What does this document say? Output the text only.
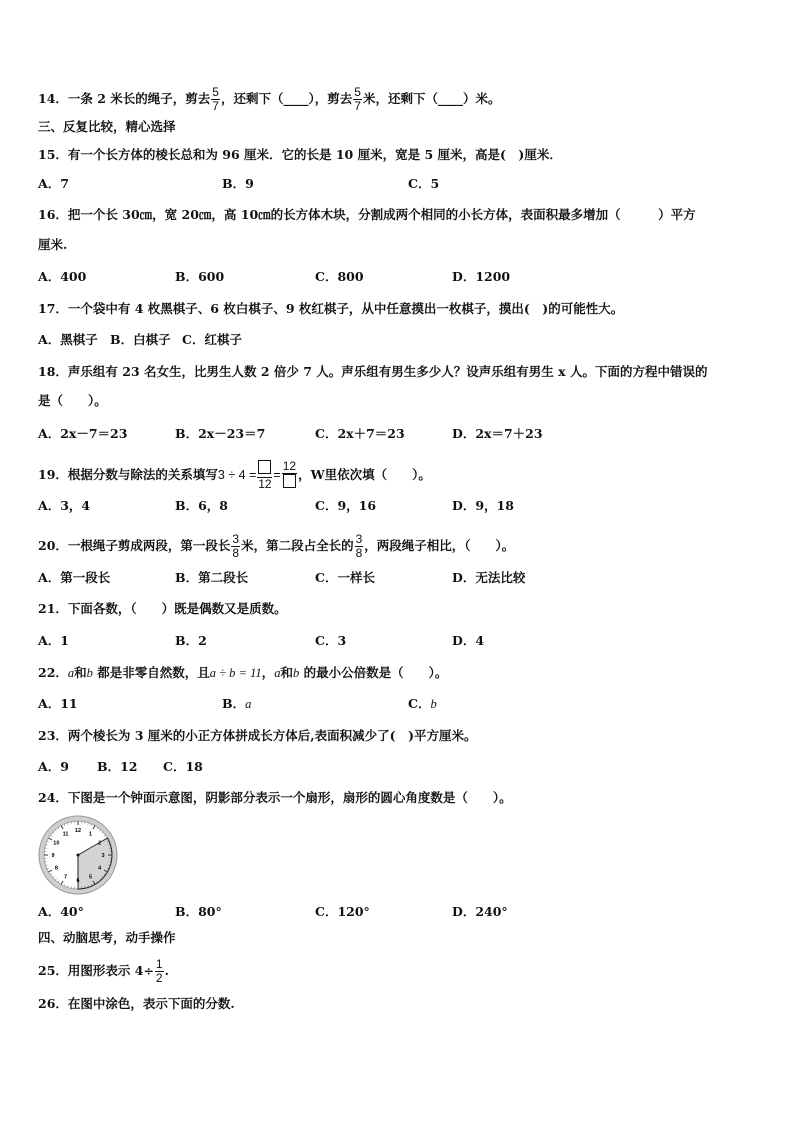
14．一条 2 米长的绳子，剪去 $\frac{5}{7}$ ，还剩下（____），剪去 $\frac{5}{7}$ 米，还剩下（____）米。
三、反复比较，精心选择
15．有一个长方体的棱长总和为 96 厘米．它的长是 10 厘米，宽是 5 厘米，高是(　)厘米．
A．7	B．9	C．5
16．把一个长 30㎝，宽 20㎝，高 10㎝的长方体木块，分割成两个相同的小长方体，表面积最多增加（　　　）平方
厘米.
A．400	B．600	C．800	D．1200
17．一个袋中有 4 枚黑棋子、6 枚白棋子、9 枚红棋子，从中任意摸出一枚棋子，摸出(　)的可能性大。
A．黑棋子 B．白棋子 C．红棋子
18．声乐组有 23 名女生，比男生人数 2 倍少 7 人。声乐组有男生多少人？设声乐组有男生 x 人。下面的方程中错误的
是（　　）。
A．2x－7＝23	B．2x－23＝7	C．2x＋7＝23	D．2x＝7＋23
19．根据分数与除法的关系填写3 ÷ 4 =
12
=
12
，W里依次填（　　）。
A．3，4	B．6，8	C．9，16	D．9，18
20．一根绳子剪成两段，第一段长 $\frac{3}{8}$ 米，第二段占全长的 $\frac{3}{8}$ ，两段绳子相比，（　　）。
A．第一段长	B．第二段长	C．一样长	D．无法比较
21．下面各数，（　　）既是偶数又是质数。
A．1	B．2	C．3	D．4
22．a和b 都是非零自然数，且a ÷ b = 11，a和b 的最小公倍数是（　　）。
A．11	B．a	C．b
23．两个棱长为 3 厘米的小正方体拼成长方体后,表面积减少了(　)平方厘米。
A．9 B．12 C．18
24．下图是一个钟面示意图，阴影部分表示一个扇形，扇形的圆心角度数是（　　）。
12
1
2
3
4
5
6
7
8
9
10
11
A．40°	B．80°	C．120°	D．240°
四、动脑思考，动手操作
25．用图形表示 $4\div \frac{1}{2}$ .
26．在图中涂色，表示下面的分数.
